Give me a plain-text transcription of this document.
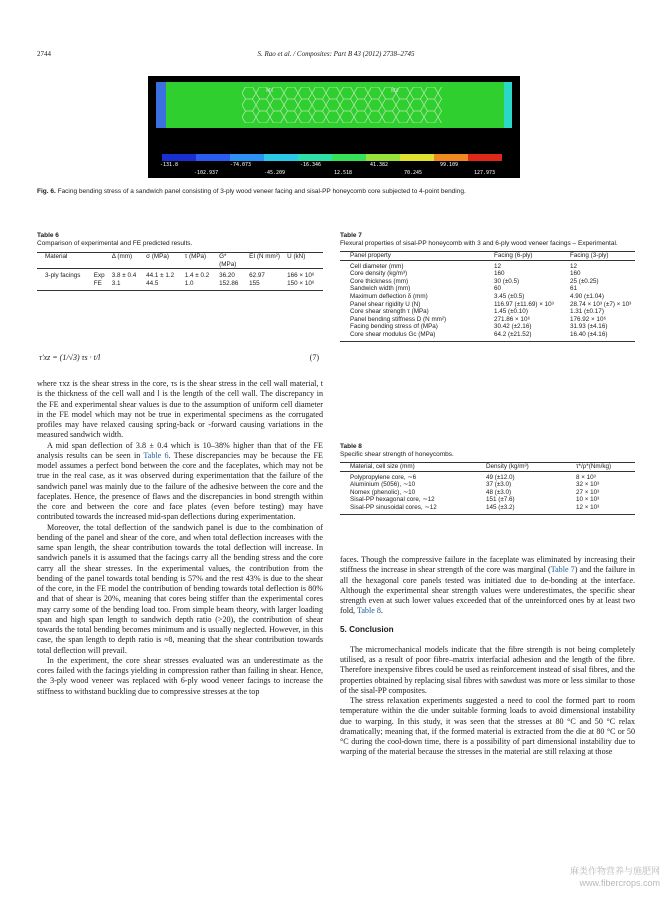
2744	S. Rao et al. / Composites: Part B 43 (2012) 2738–2745
MX	MX
-131.8	-74.073	-16.346	41.382	99.109
-102.937	-45.209	12.518	70.245	127.973
Fig. 6. Facing bending stress of a sandwich panel consisting of 3-ply wood veneer facing and sisal-PP honeycomb core subjected to 4-point bending.
Table 6
Comparison of experimental and FE predicted results.
Material		Δ (mm)	σ (MPa)	τ (MPa)	G* (MPa)	EI (N mm²)	U (kN)
3-ply facings	Exp	3.8 ± 0.4	44.1 ± 1.2	1.4 ± 0.2	36.20	62.97	166 × 10⁶
	FE	3.1	44.5	1.0	152.86	155	150 × 10⁶
τ′xz = (1/√3) τs · t/l	(7)
Table 7
Flexural properties of sisal-PP honeycomb with 3 and 6-ply wood veneer facings – Experimental.
Panel property	Facing (6-ply)	Facing (3-ply)
Cell diameter (mm)	12	12
Core density (kg/m³)	160	160
Core thickness (mm)	30 (±0.5)	25 (±0.25)
Sandwich width (mm)	60	61
Maximum deflection δ (mm)	3.45 (±0.5)	4.90 (±1.04)
Panel shear rigidity U (N)	116.97 (±11.69) × 10³	28.74 × 10³ (±7) × 10³
Core shear strength τ (MPa)	1.45 (±0.10)	1.31 (±0.17)
Panel bending stiffness D (N mm²)	271.86 × 10⁶	176.92 × 10⁶
Facing bending stress σf (MPa)	30.42 (±2.16)	31.93 (±4.16)
Core shear modulus Gc (MPa)	64.2 (±21.52)	16.40 (±4.16)
Table 8
Specific shear strength of honeycombs.
Material, cell size (mm)	Density (kg/m³)	τ*/ρ*(Nm/kg)
Polypropylene core, ∼6	49 (±12.0)	8 × 10³
Aluminium (5056), ∼10	37 (±3.0)	32 × 10³
Nomex (phenolic), ∼10	48 (±3.0)	27 × 10³
Sisal-PP hexagonal core, ∼12	151 (±7.6)	10 × 10³
Sisal-PP sinusoidal cores, ∼12	145 (±3.2)	12 × 10³

where τxz is the shear stress in the core, τs is the shear stress in the cell wall material, t is the thickness of the cell wall and l is the length of the cell wall. The discrepancy in the FE and experimental shear values is due to the assumption of uniform cell diameter in the FE model which may not be true in experimental specimens as the corrugated profiles may have relaxed causing spring-back or -forward causing variations in the measured sandwich width.

A mid span deflection of 3.8 ± 0.4 which is 10–38% higher than that of the FE analysis results can be seen in Table 6. These discrepancies may be because the FE model assumes a perfect bond between the core and the faceplates, which may not be true in the real case, as it was observed during experimentation that the failure of the sandwich panel was mainly due to the failure of the adhesive between the core and the faceplates. Hence, the presence of flaws and the discrepancies in bond strength within the core and between the core and face plates (even before testing) may have contributed towards the increased mid-span deflections during experimentation.

Moreover, the total deflection of the sandwich panel is due to the combination of bending of the panel and shear of the core, and when total deflection increases with the same span length, the shear contribution towards the total deflection will increase. In sandwich panels it is assumed that the facings carry all the bending stress and the core carry all the shear stresses. In the experimental values, the contribution from the bending of the panel towards total bending is 57% and the rest 43% is due to the shear of the core, in the FE model the contribution of bending towards total deflection is 80% and that of shear is 20%, meaning that cores being stiffer than the experimental cores may carry some of the bending load too. From simple beam theory, with larger loading span and high span length to sandwich depth ratio (>20), the contribution of shear towards the total bending becomes minimum and is usually neglected. However, in this case, the span length to depth ratio is ≈8, meaning that the shear contribution towards total deflection will prevail.

In the experiment, the core shear stresses evaluated was an underestimate as the cores failed with the facings yielding in compression rather than failing in shear. Hence, the 3-ply wood veneer was replaced with 6-ply wood veneer facings to increase the stiffness to withstand buckling due to compressive stresses at the top

faces. Though the compressive failure in the faceplate was eliminated by increasing their stiffness the increase in shear strength of the core was marginal (Table 7) and the failure in all the hexagonal core panels tested was initiated due to de-bonding at the interface. Although the experimental shear strength values were underestimates, the specific shear strength even at such lower values exceeded that of the unreinforced ones by at least two fold, Table 8.

5. Conclusion

The micromechanical models indicate that the fibre strength is not being completely utilised, as a result of poor fibre–matrix interfacial adhesion and the length of the fibre. Therefore inexpensive fibres could be used as reinforcement instead of sisal fibres, and the properties obtained by replacing sisal fibres with sawdust was more or less similar to those of the sisal-PP composites.

The stress relaxation experiments suggested a need to cool the formed part to room temperature within the die under suitable forming loads to avoid dimensional instability due to warping. In this study, it was seen that the stresses at 80 °C and 50 °C relax dramatically; meaning that, if the formed material is extracted from the die at 80 °C or 50 °C during the cool-down time, there is a possibility of part dimensional instability due to warping of the material because the stresses in the material are still relaxing at those

麻类作物营养与施肥网
www.fibercrops.com
